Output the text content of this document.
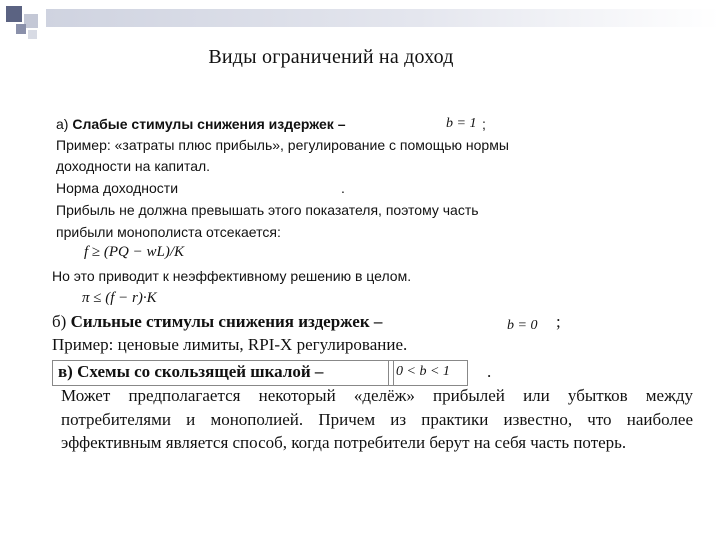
Виды ограничений на доход
а) Слабые стимулы снижения издержек –	b = 1 ;
Пример: «затраты плюс прибыль», регулирование с помощью нормы
доходности на капитал.
Норма доходности	.
Прибыль не должна превышать этого показателя, поэтому часть
прибыли монополиста отсекается:
f ≥ (PQ − wL)/K
Но это приводит к неэффективному решению в целом.
π ≤ (f − r)·K
б) Сильные стимулы снижения издержек –	b = 0 ;
Пример: ценовые лимиты, RPI-X регулирование.
в) Схемы со скользящей шкалой –	0 < b < 1 .
Может предполагается некоторый «делёж» прибылей или убытков между потребителями и монополией. Причем из практики известно, что наиболее эффективным является способ, когда потребители берут на себя часть потерь.
